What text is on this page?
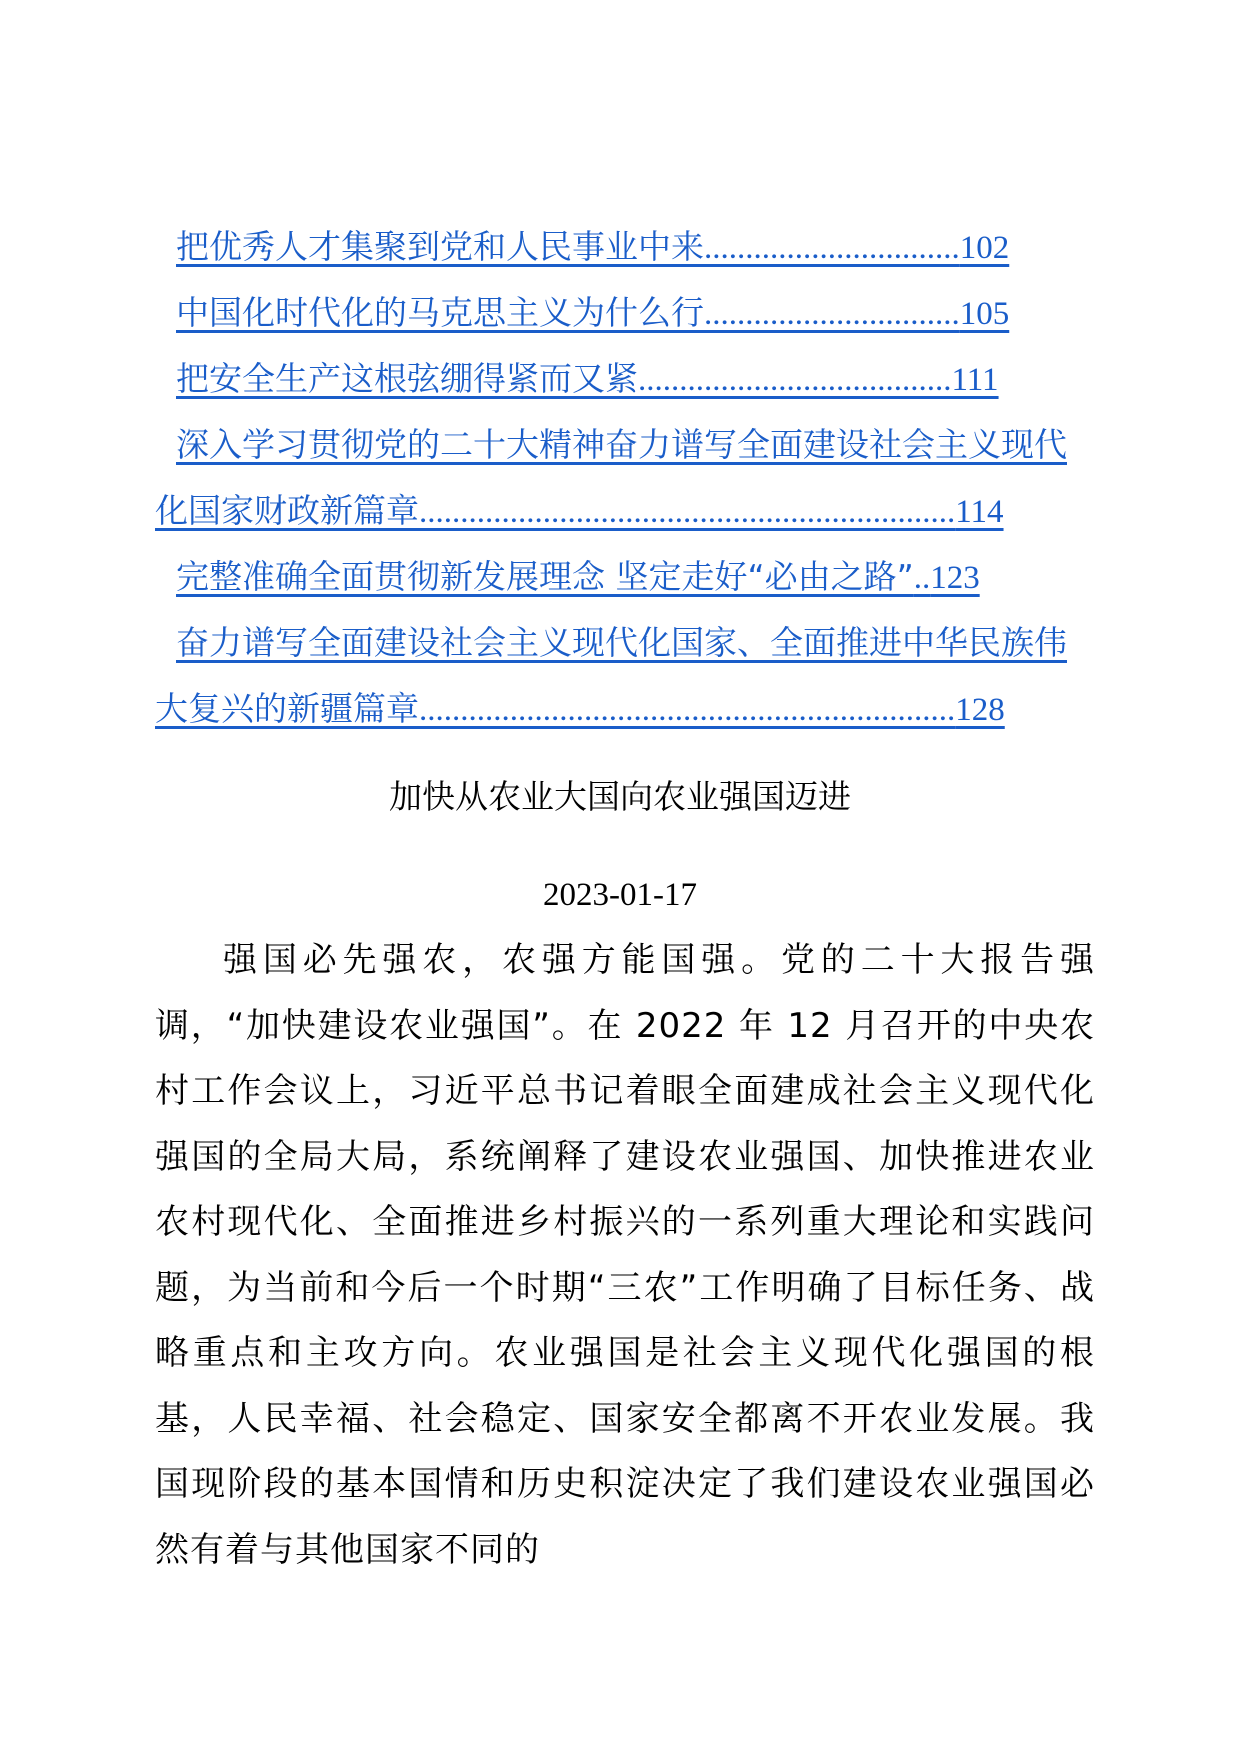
把优秀人才集聚到党和人民事业中来...............................102
中国化时代化的马克思主义为什么行...............................105
把安全生产这根弦绷得紧而又紧......................................111
深入学习贯彻党的二十大精神奋力谱写全面建设社会主义现代
化国家财政新篇章.................................................................114
完整准确全面贯彻新发展理念 坚定走好“必由之路”..123
奋力谱写全面建设社会主义现代化国家、全面推进中华民族伟
大复兴的新疆篇章.................................................................128
加快从农业大国向农业强国迈进
2023-01-17
强国必先强农，农强方能国强。党的二十大报告强调，“加快建设农业强国”。在 2022 年 12 月召开的中央农村工作会议上，习近平总书记着眼全面建成社会主义现代化强国的全局大局，系统阐释了建设农业强国、加快推进农业农村现代化、全面推进乡村振兴的一系列重大理论和实践问题，为当前和今后一个时期“三农”工作明确了目标任务、战略重点和主攻方向。农业强国是社会主义现代化强国的根基，人民幸福、社会稳定、国家安全都离不开农业发展。我国现阶段的基本国情和历史积淀决定了我们建设农业强国必然有着与其他国家不同的
